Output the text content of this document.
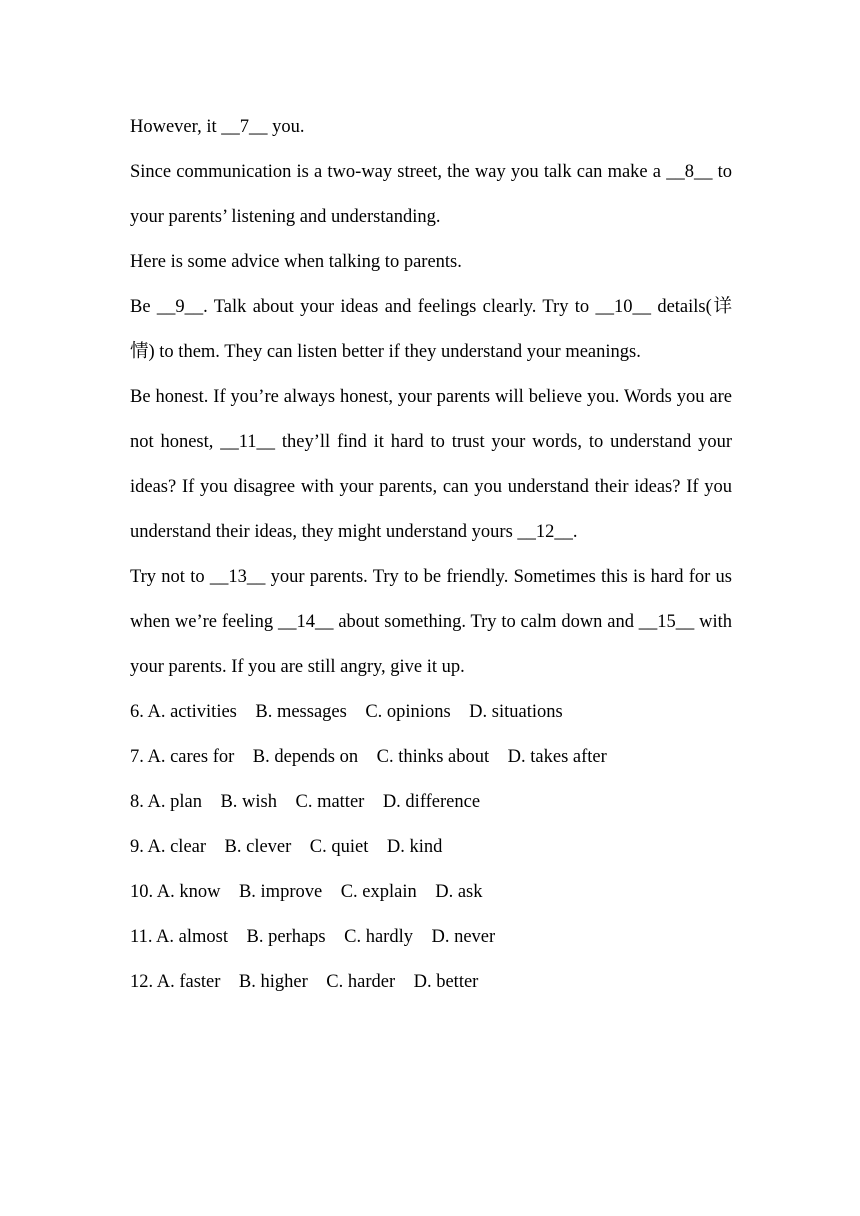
However, it __7__ you.

Since communication is a two-way street, the way you talk can make a __8__ to your parents’ listening and understanding.

Here is some advice when talking to parents.

Be __9__. Talk about your ideas and feelings clearly. Try to __10__ details(详情) to them. They can listen better if they understand your meanings.

Be honest. If you’re always honest, your parents will believe you. Words you are not honest, __11__ they’ll find it hard to trust your words, to understand your ideas? If you disagree with your parents, can you understand their ideas? If you understand their ideas, they might understand yours __12__.

Try not to __13__ your parents. Try to be friendly. Sometimes this is hard for us when we’re feeling __14__ about something. Try to calm down and __15__ with your parents. If you are still angry, give it up.

6. A. activities    B. messages    C. opinions    D. situations

7. A. cares for    B. depends on    C. thinks about    D. takes after

8. A. plan    B. wish    C. matter    D. difference

9. A. clear    B. clever    C. quiet    D. kind

10. A. know    B. improve    C. explain    D. ask

11. A. almost    B. perhaps    C. hardly    D. never

12. A. faster    B. higher    C. harder    D. better
